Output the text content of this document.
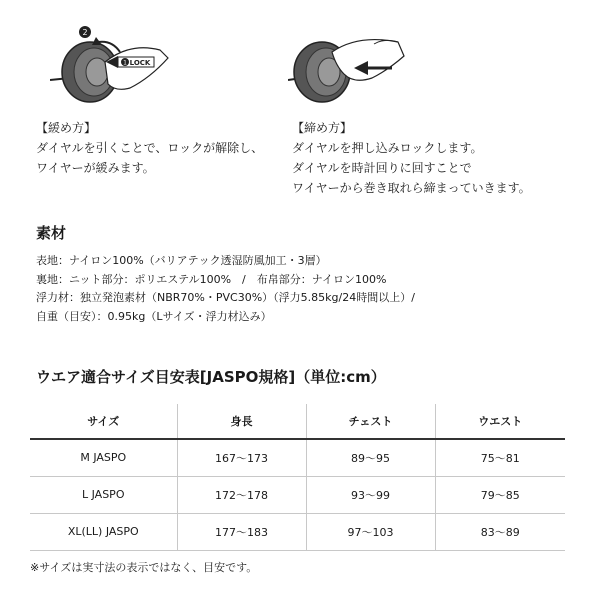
2
1 LOCK
【緩め方】
ダイヤルを引くことで、ロックが解除し、
ワイヤーが緩みます。
【締め方】
ダイヤルを押し込みロックします。
ダイヤルを時計回りに回すことで
ワイヤーから巻き取れら締まっていきます。
素材
表地：ナイロン100%（バリアテック透湿防風加工・3層）
裏地：ニット部分：ポリエステル100%　/　布帛部分：ナイロン100%
浮力材：独立発泡素材（NBR70%・PVC30%）（浮力5.85kg/24時間以上）/
自重（目安）：0.95kg（Lサイズ・浮力材込み）
ウエア適合サイズ目安表[JASPO規格]（単位:cm）
サイズ	身長	チェスト	ウエスト
M JASPO	167〜173	89〜95	75〜81
L JASPO	172〜178	93〜99	79〜85
XL(LL) JASPO	177〜183	97〜103	83〜89
※サイズは実寸法の表示ではなく、目安です。
